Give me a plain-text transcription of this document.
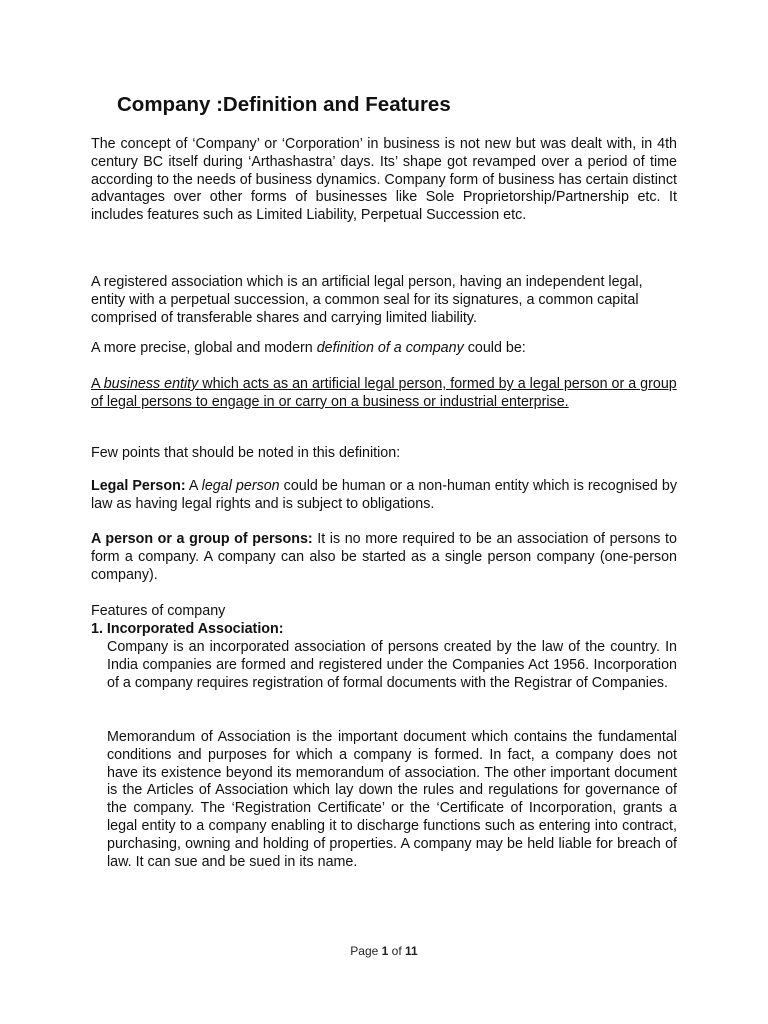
Company :Definition and Features

The concept of ‘Company’ or ‘Corporation’ in business is not new but was dealt with, in 4th century BC itself during ‘Arthashastra’ days. Its’ shape got revamped over a period of time according to the needs of business dynamics. Company form of business has certain distinct advantages over other forms of businesses like Sole Proprietorship/Partnership etc. It includes features such as Limited Liability, Perpetual Succession etc.

A registered association which is an artificial legal person, having an independent legal, entity with a perpetual succession, a common seal for its signatures, a common capital comprised of transferable shares and carrying limited liability.

A more precise, global and modern definition of a company could be:

A business entity which acts as an artificial legal person, formed by a legal person or a group of legal persons to engage in or carry on a business or industrial enterprise.

Few points that should be noted in this definition:

Legal Person: A legal person could be human or a non-human entity which is recognised by law as having legal rights and is subject to obligations.

A person or a group of persons: It is no more required to be an association of persons to form a company. A company can also be started as a single person company (one-person company).

Features of company

1. Incorporated Association:

Company is an incorporated association of persons created by the law of the country. In India companies are formed and registered under the Companies Act 1956. Incorporation of a company requires registration of formal documents with the Registrar of Companies.

Memorandum of Association is the important document which contains the fundamental conditions and purposes for which a company is formed. In fact, a company does not have its existence beyond its memorandum of association. The other important document is the Articles of Association which lay down the rules and regulations for governance of the company. The ‘Registration Certificate’ or the ‘Certificate of Incorporation, grants a legal entity to a company enabling it to discharge functions such as entering into contract, purchasing, owning and holding of properties. A company may be held liable for breach of law. It can sue and be sued in its name.

Page 1 of 11
